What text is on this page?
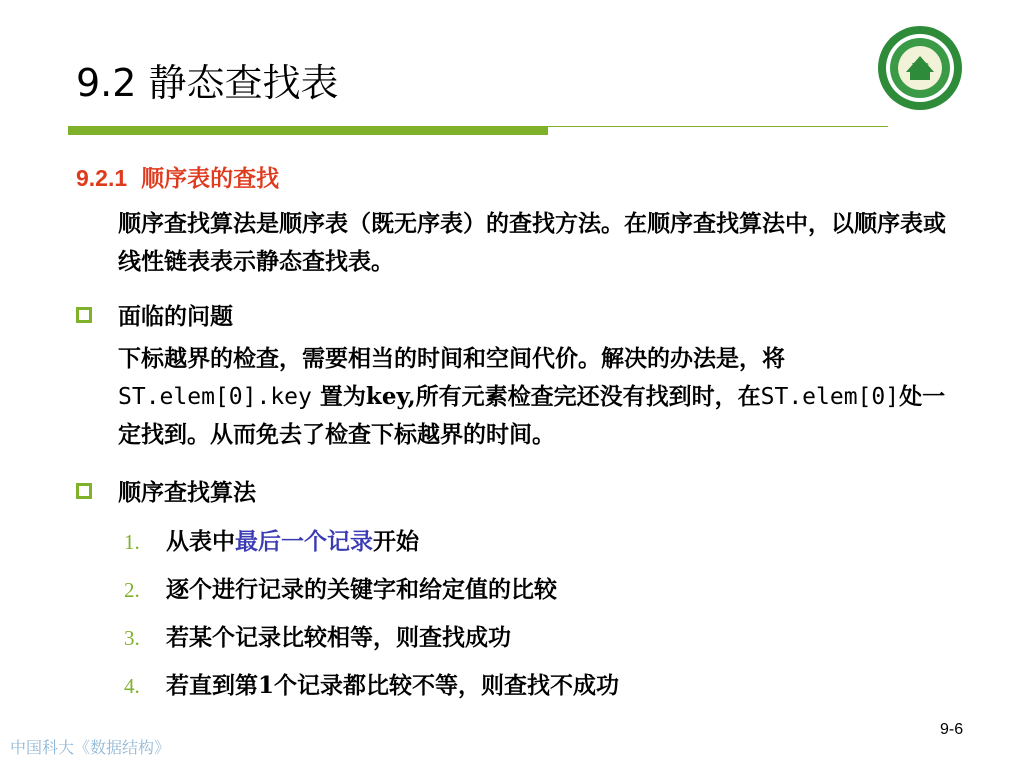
9.2 静态查找表	1958
9.2.1 顺序表的查找
顺序查找算法是顺序表（既无序表）的查找方法。在顺序查找算法中，以顺序表或线性链表表示静态查找表。
面临的问题
下标越界的检查，需要相当的时间和空间代价。解决的办法是，将ST.elem[0].key 置为key,所有元素检查完还没有找到时，在ST.elem[0]处一定找到。从而免去了检查下标越界的时间。
顺序查找算法
1.	从表中最后一个记录开始
2.	逐个进行记录的关键字和给定值的比较
3.	若某个记录比较相等，则查找成功
4.	若直到第1个记录都比较不等，则查找不成功
中国科大《数据结构》
9-6
